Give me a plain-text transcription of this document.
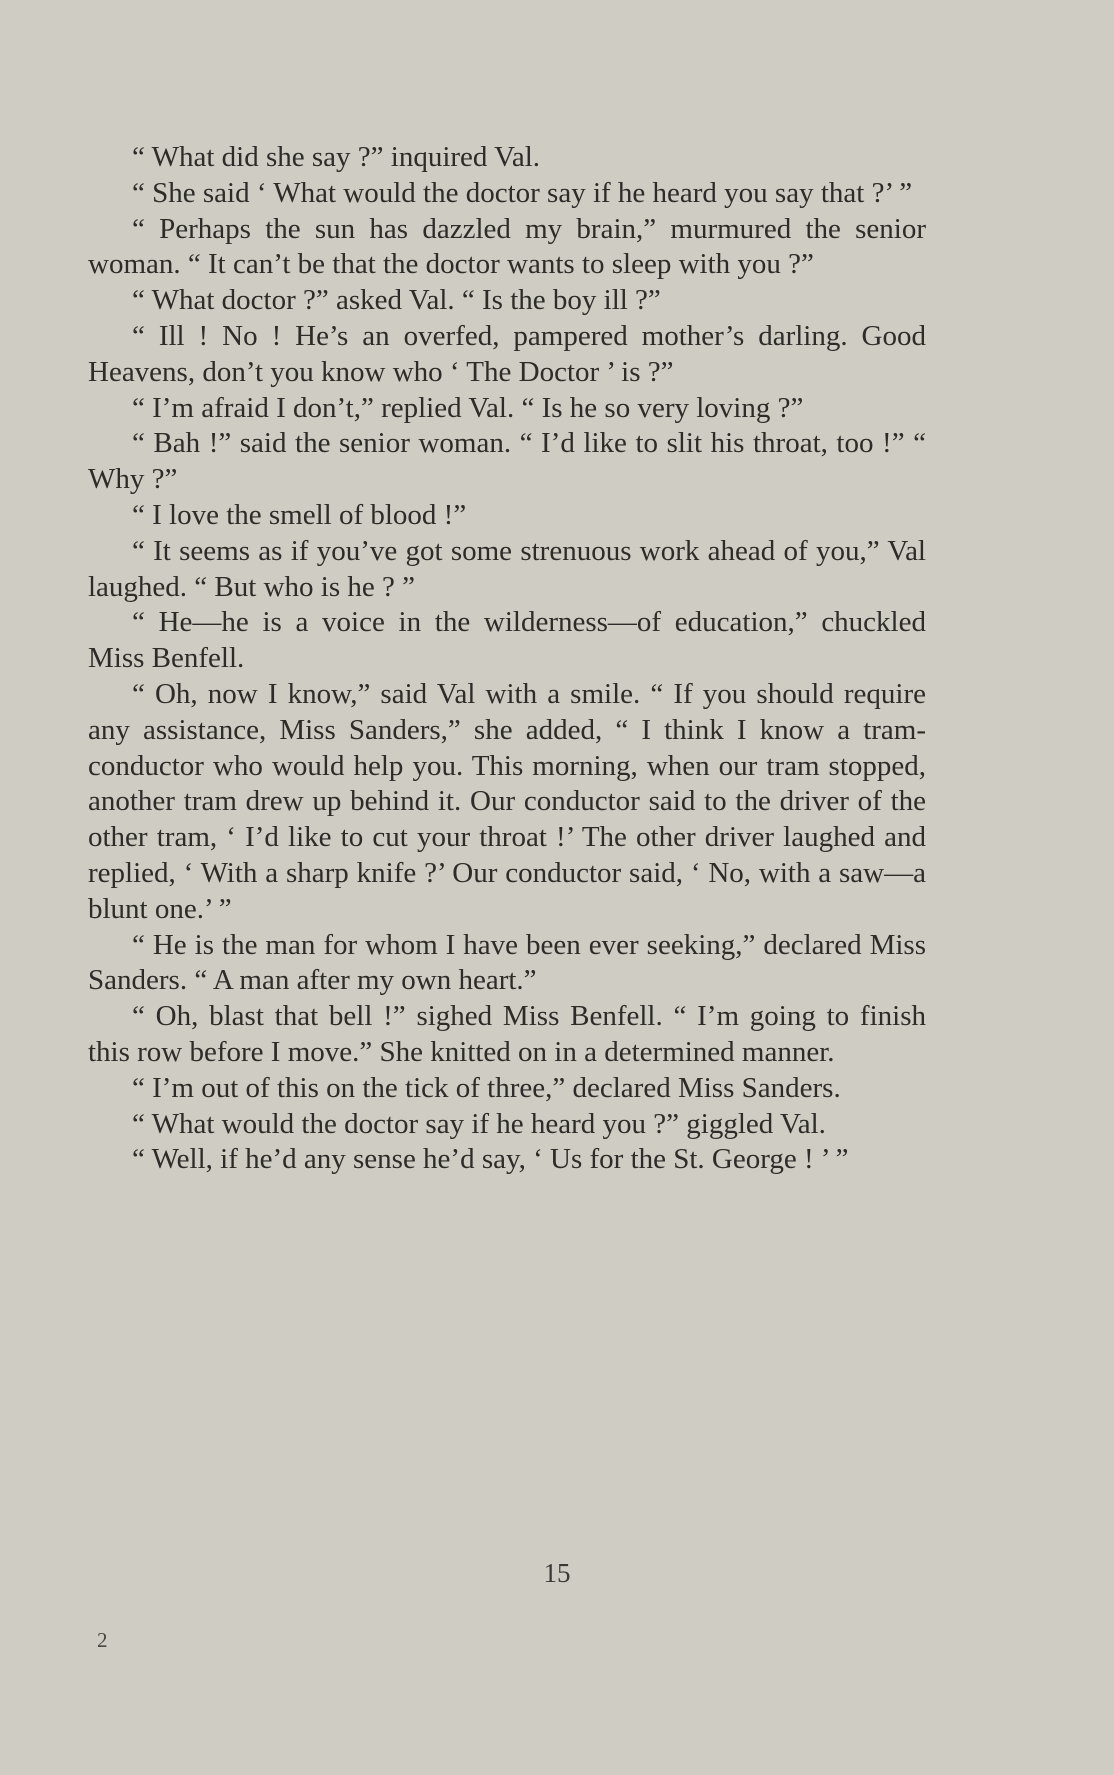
“ What did she say ?” inquired Val.

“ She said ‘ What would the doctor say if he heard you say that ?’ ”

“ Perhaps the sun has dazzled my brain,” murmured the senior woman. “ It can’t be that the doctor wants to sleep with you ?”

“ What doctor ?” asked Val. “ Is the boy ill ?”

“ Ill ! No ! He’s an overfed, pampered mother’s darling. Good Heavens, don’t you know who ‘ The Doctor ’ is ?”

“ I’m afraid I don’t,” replied Val. “ Is he so very loving ?”

“ Bah !” said the senior woman. “ I’d like to slit his throat, too !” “ Why ?”

“ I love the smell of blood !”

“ It seems as if you’ve got some strenuous work ahead of you,” Val laughed. “ But who is he ? ”

“ He—he is a voice in the wilderness—of education,” chuckled Miss Benfell.

“ Oh, now I know,” said Val with a smile. “ If you should require any assistance, Miss Sanders,” she added, “ I think I know a tram-conductor who would help you. This morning, when our tram stopped, another tram drew up behind it. Our conductor said to the driver of the other tram, ‘ I’d like to cut your throat !’ The other driver laughed and replied, ‘ With a sharp knife ?’ Our conductor said, ‘ No, with a saw—a blunt one.’ ”

“ He is the man for whom I have been ever seeking,” declared Miss Sanders. “ A man after my own heart.”

“ Oh, blast that bell !” sighed Miss Benfell. “ I’m going to finish this row before I move.” She knitted on in a determined manner.

“ I’m out of this on the tick of three,” declared Miss Sanders.

“ What would the doctor say if he heard you ?” giggled Val.

“ Well, if he’d any sense he’d say, ‘ Us for the St. George ! ’ ”

15
2
